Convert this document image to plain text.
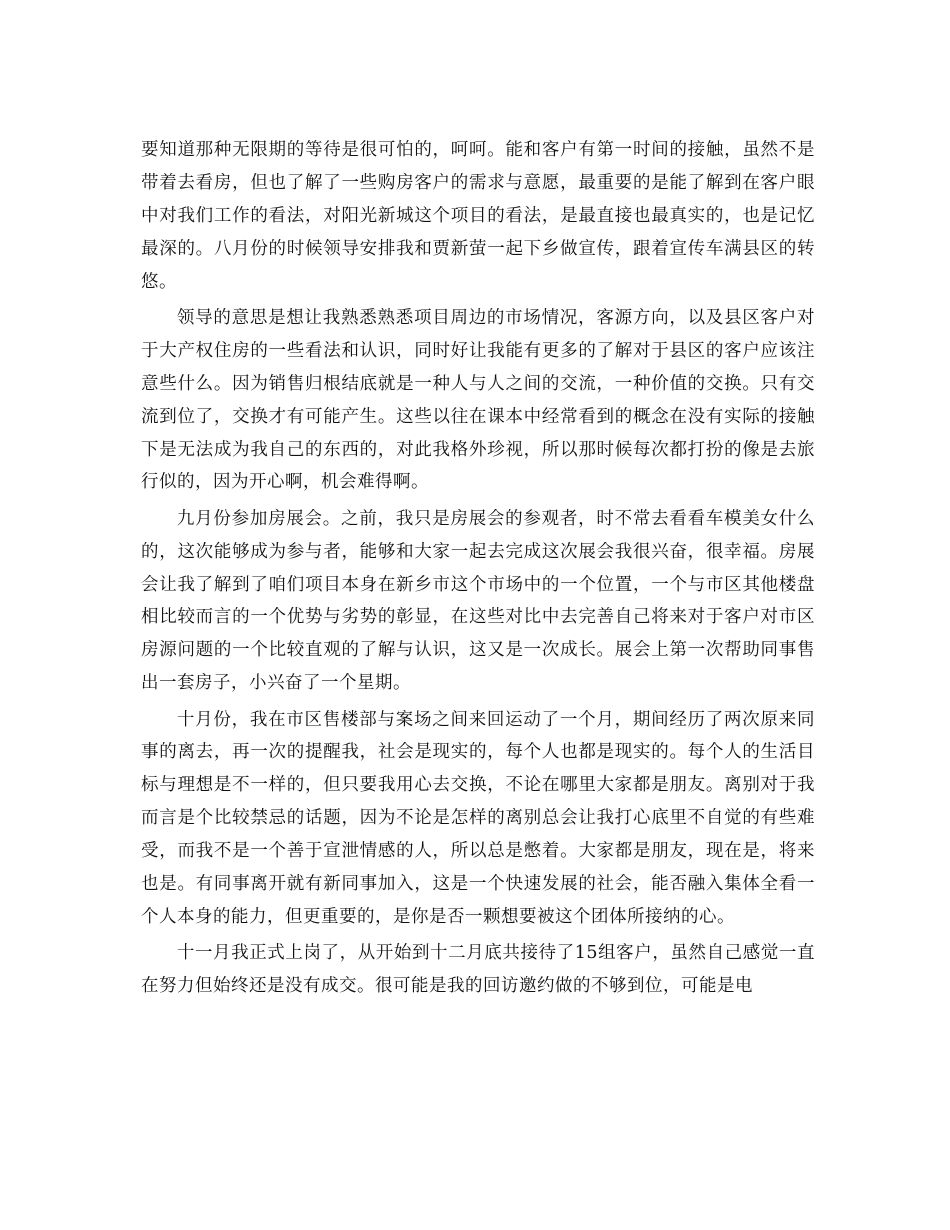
要知道那种无限期的等待是很可怕的，呵呵。能和客户有第一时间的接触，虽然不是带着去看房，但也了解了一些购房客户的需求与意愿，最重要的是能了解到在客户眼中对我们工作的看法，对阳光新城这个项目的看法，是最直接也最真实的，也是记忆最深的。八月份的时候领导安排我和贾新萤一起下乡做宣传，跟着宣传车满县区的转悠。

领导的意思是想让我熟悉熟悉项目周边的市场情况，客源方向，以及县区客户对于大产权住房的一些看法和认识，同时好让我能有更多的了解对于县区的客户应该注意些什么。因为销售归根结底就是一种人与人之间的交流，一种价值的交换。只有交流到位了，交换才有可能产生。这些以往在课本中经常看到的概念在没有实际的接触下是无法成为我自己的东西的，对此我格外珍视，所以那时候每次都打扮的像是去旅行似的，因为开心啊，机会难得啊。

九月份参加房展会。之前，我只是房展会的参观者，时不常去看看车模美女什么的，这次能够成为参与者，能够和大家一起去完成这次展会我很兴奋，很幸福。房展会让我了解到了咱们项目本身在新乡市这个市场中的一个位置，一个与市区其他楼盘相比较而言的一个优势与劣势的彰显，在这些对比中去完善自己将来对于客户对市区房源问题的一个比较直观的了解与认识，这又是一次成长。展会上第一次帮助同事售出一套房子，小兴奋了一个星期。

十月份，我在市区售楼部与案场之间来回运动了一个月，期间经历了两次原来同事的离去，再一次的提醒我，社会是现实的，每个人也都是现实的。每个人的生活目标与理想是不一样的，但只要我用心去交换，不论在哪里大家都是朋友。离别对于我而言是个比较禁忌的话题，因为不论是怎样的离别总会让我打心底里不自觉的有些难受，而我不是一个善于宣泄情感的人，所以总是憋着。大家都是朋友，现在是，将来也是。有同事离开就有新同事加入，这是一个快速发展的社会，能否融入集体全看一个人本身的能力，但更重要的，是你是否一颗想要被这个团体所接纳的心。

十一月我正式上岗了，从开始到十二月底共接待了15组客户，虽然自己感觉一直在努力但始终还是没有成交。很可能是我的回访邀约做的不够到位，可能是电
